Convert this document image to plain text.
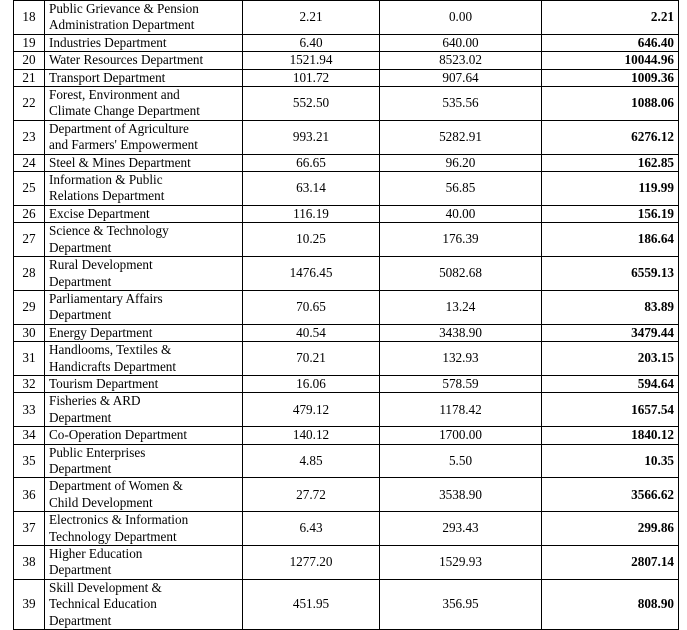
18	Public Grievance & Pension
Administration Department	2.21	0.00	2.21
19	Industries Department	6.40	640.00	646.40
20	Water Resources Department	1521.94	8523.02	10044.96
21	Transport Department	101.72	907.64	1009.36
22	Forest, Environment and
Climate Change Department	552.50	535.56	1088.06
23	Department of Agriculture
and Farmers' Empowerment	993.21	5282.91	6276.12
24	Steel & Mines Department	66.65	96.20	162.85
25	Information & Public
Relations Department	63.14	56.85	119.99
26	Excise Department	116.19	40.00	156.19
27	Science & Technology
Department	10.25	176.39	186.64
28	Rural Development
Department	1476.45	5082.68	6559.13
29	Parliamentary Affairs
Department	70.65	13.24	83.89
30	Energy Department	40.54	3438.90	3479.44
31	Handlooms, Textiles &
Handicrafts Department	70.21	132.93	203.15
32	Tourism Department	16.06	578.59	594.64
33	Fisheries & ARD
Department	479.12	1178.42	1657.54
34	Co-Operation Department	140.12	1700.00	1840.12
35	Public Enterprises
Department	4.85	5.50	10.35
36	Department of Women &
Child Development	27.72	3538.90	3566.62
37	Electronics & Information
Technology Department	6.43	293.43	299.86
38	Higher Education
Department	1277.20	1529.93	2807.14
39	Skill Development &
Technical Education
Department	451.95	356.95	808.90
